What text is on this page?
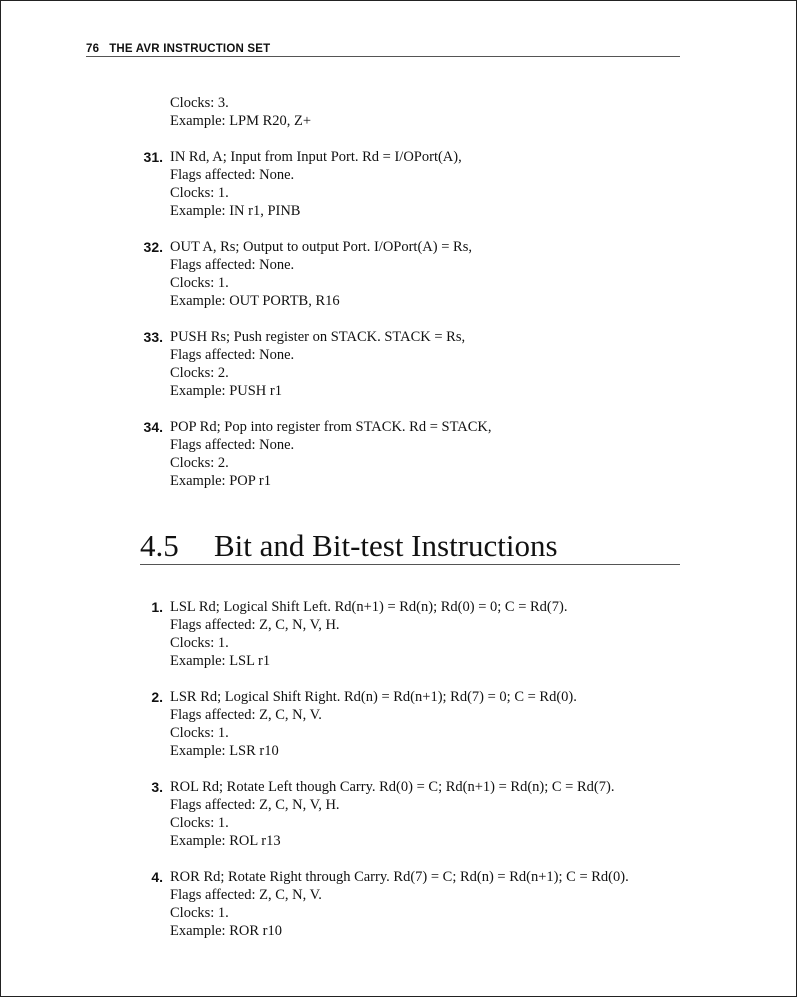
76 THE AVR INSTRUCTION SET
Clocks: 3.
Example: LPM R20, Z+
31. IN Rd, A; Input from Input Port. Rd = I/OPort(A),
Flags affected: None.
Clocks: 1.
Example: IN r1, PINB
32. OUT A, Rs; Output to output Port. I/OPort(A) = Rs,
Flags affected: None.
Clocks: 1.
Example: OUT PORTB, R16
33. PUSH Rs; Push register on STACK. STACK = Rs,
Flags affected: None.
Clocks: 2.
Example: PUSH r1
34. POP Rd; Pop into register from STACK. Rd = STACK,
Flags affected: None.
Clocks: 2.
Example: POP r1
4.5 Bit and Bit-test Instructions
1. LSL Rd; Logical Shift Left. Rd(n+1) = Rd(n); Rd(0) = 0; C = Rd(7).
Flags affected: Z, C, N, V, H.
Clocks: 1.
Example: LSL r1
2. LSR Rd; Logical Shift Right. Rd(n) = Rd(n+1); Rd(7) = 0; C = Rd(0).
Flags affected: Z, C, N, V.
Clocks: 1.
Example: LSR r10
3. ROL Rd; Rotate Left though Carry. Rd(0) = C; Rd(n+1) = Rd(n); C = Rd(7).
Flags affected: Z, C, N, V, H.
Clocks: 1.
Example: ROL r13
4. ROR Rd; Rotate Right through Carry. Rd(7) = C; Rd(n) = Rd(n+1); C = Rd(0).
Flags affected: Z, C, N, V.
Clocks: 1.
Example: ROR r10
